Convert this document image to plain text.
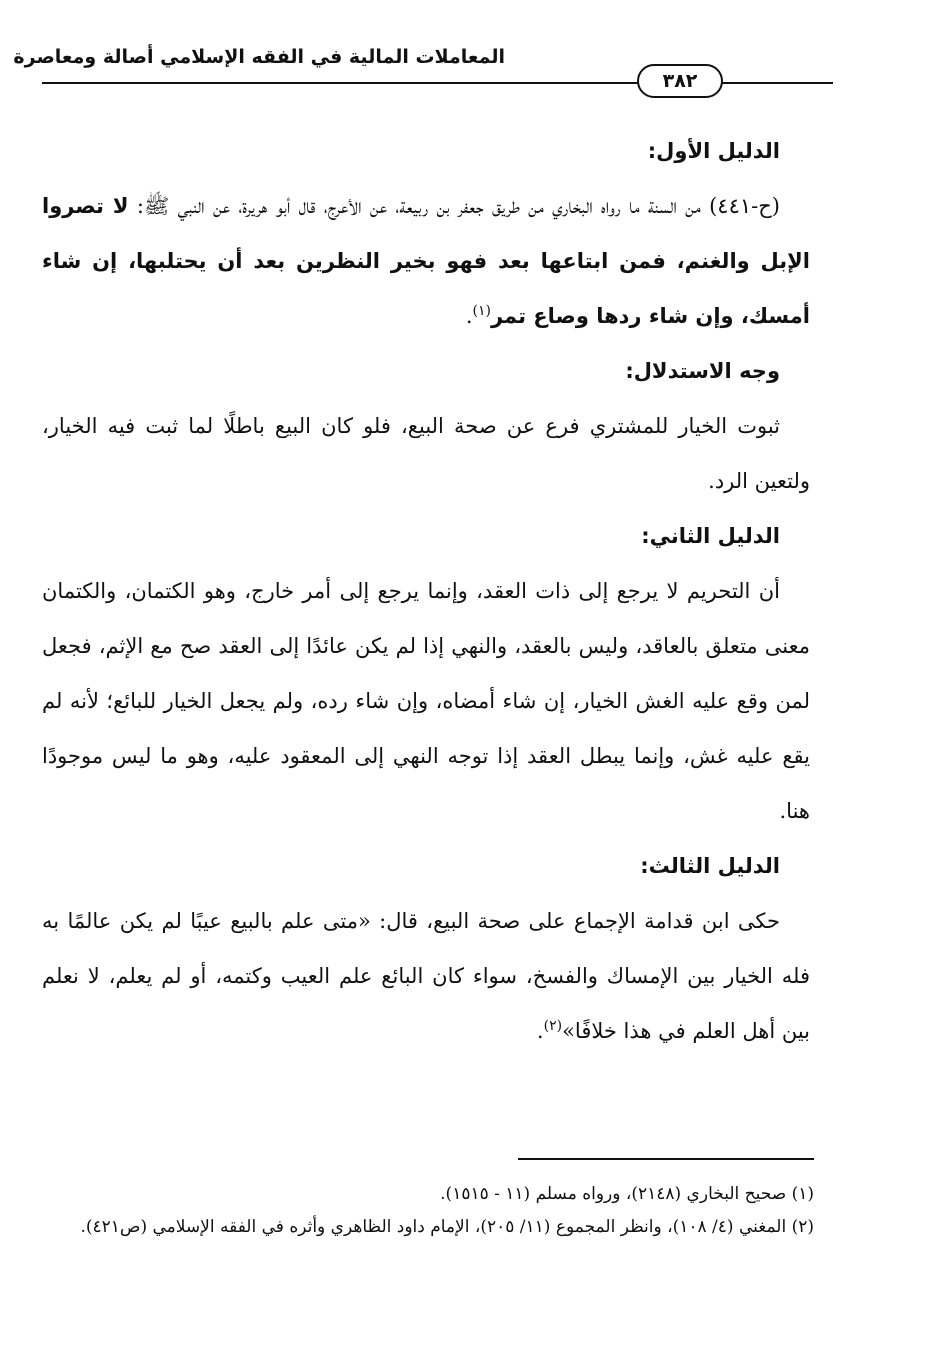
المعاملات المالية في الفقه الإسلامي أصالة ومعاصرة
٣٨٢

الدليل الأول:

(ح-٤٤١) من السنة ما رواه البخاري من طريق جعفر بن ربيعة، عن الأعرج، قال أبو هريرة، عن النبي ﷺ: لا تصروا الإبل والغنم، فمن ابتاعها بعد فهو بخير النظرين بعد أن يحتلبها، إن شاء أمسك، وإن شاء ردها وصاع تمر$^{(١)}$.

وجه الاستدلال:

ثبوت الخيار للمشتري فرع عن صحة البيع، فلو كان البيع باطلًا لما ثبت فيه الخيار، ولتعين الرد.

الدليل الثاني:

أن التحريم لا يرجع إلى ذات العقد، وإنما يرجع إلى أمر خارج، وهو الكتمان، والكتمان معنى متعلق بالعاقد، وليس بالعقد، والنهي إذا لم يكن عائدًا إلى العقد صح مع الإثم، فجعل لمن وقع عليه الغش الخيار، إن شاء أمضاه، وإن شاء رده، ولم يجعل الخيار للبائع؛ لأنه لم يقع عليه غش، وإنما يبطل العقد إذا توجه النهي إلى المعقود عليه، وهو ما ليس موجودًا هنا.

الدليل الثالث:

حكى ابن قدامة الإجماع على صحة البيع، قال: «متى علم بالبيع عيبًا لم يكن عالمًا به فله الخيار بين الإمساك والفسخ، سواء كان البائع علم العيب وكتمه، أو لم يعلم، لا نعلم بين أهل العلم في هذا خلافًا»$^{(٢)}$.

(١) صحيح البخاري (٢١٤٨)، ورواه مسلم (١١ - ١٥١٥).

(٢) المغني (٤/ ١٠٨)، وانظر المجموع (١١/ ٢٠٥)، الإمام داود الظاهري وأثره في الفقه الإسلامي (ص٤٢١).
